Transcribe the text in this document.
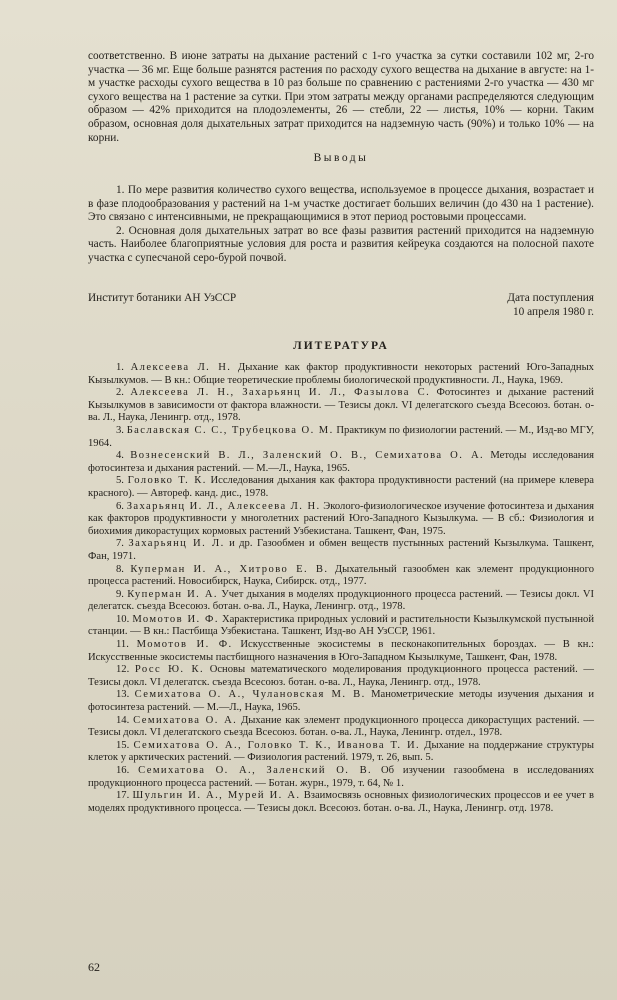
соответственно. В июне затраты на дыхание растений с 1-го участка за сутки составили 102 мг, 2-го участка — 36 мг. Еще больше разнятся растения по расходу сухого вещества на дыхание в августе: на 1-м участке расходы сухого вещества в 10 раз больше по сравнению с растениями 2-го участка — 430 мг сухого вещества на 1 растение за сутки. При этом затраты между органами распределяются следующим образом — 42% приходится на плодоэлементы, 26 — стебли, 22 — листья, 10% — корни. Таким образом, основная доля дыхательных затрат приходится на надземную часть (90%) и только 10% — на корни.

Выводы

1. По мере развития количество сухого вещества, используемое в процессе дыхания, возрастает и в фазе плодообразования у растений на 1-м участке достигает больших величин (до 430 на 1 растение). Это связано с интенсивными, не прекращающимися в этот период ростовыми процессами.

2. Основная доля дыхательных затрат во все фазы развития растений приходится на надземную часть. Наиболее благоприятные условия для роста и развития кейреука создаются на полосной пахоте участка с супесчаной серо-бурой почвой.

Институт ботаники АН УзССР	Дата поступления
10 апреля 1980 г.

ЛИТЕРАТУРА

1. Алексеева Л. Н. Дыхание как фактор продуктивности некоторых растений Юго-Западных Кызылкумов. — В кн.: Общие теоретические проблемы биологической продуктивности. Л., Наука, 1969.

2. Алексеева Л. Н., Захарьянц И. Л., Фазылова С. Фотосинтез и дыхание растений Кызылкумов в зависимости от фактора влажности. — Тезисы докл. VI делегатского съезда Всесоюз. ботан. о-ва. Л., Наука, Ленингр. отд., 1978.

3. Баславская С. С., Трубецкова О. М. Практикум по физиологии растений. — М., Изд-во МГУ, 1964.

4. Вознесенский В. Л., Заленский О. В., Семихатова О. А. Методы исследования фотосинтеза и дыхания растений. — М.—Л., Наука, 1965.

5. Головко Т. К. Исследования дыхания как фактора продуктивности растений (на примере клевера красного). — Автореф. канд. дис., 1978.

6. Захарьянц И. Л., Алексеева Л. Н. Эколого-физиологическое изучение фотосинтеза и дыхания как факторов продуктивности у многолетних растений Юго-Западного Кызылкума. — В сб.: Физиология и биохимия дикорастущих кормовых растений Узбекистана. Ташкент, Фан, 1975.

7. Захарьянц И. Л. и др. Газообмен и обмен веществ пустынных растений Кызылкума. Ташкент, Фан, 1971.

8. Куперман И. А., Хитрово Е. В. Дыхательный газообмен как элемент продукционного процесса растений. Новосибирск, Наука, Сибирск. отд., 1977.

9. Куперман И. А. Учет дыхания в моделях продукционного процесса растений. — Тезисы докл. VI делегатск. съезда Всесоюз. ботан. о-ва. Л., Наука, Ленингр. отд., 1978.

10. Момотов И. Ф. Характеристика природных условий и растительности Кызылкумской пустынной станции. — В кн.: Пастбища Узбекистана. Ташкент, Изд-во АН УзССР, 1961.

11. Момотов И. Ф. Искусственные экосистемы в песконакопительных бороздах. — В кн.: Искусственные экосистемы пастбищного назначения в Юго-Западном Кызылкуме, Ташкент, Фан, 1978.

12. Росс Ю. К. Основы математического моделирования продукционного процесса растений. — Тезисы докл. VI делегатск. съезда Всесоюз. ботан. о-ва. Л., Наука, Ленингр. отд., 1978.

13. Семихатова О. А., Чулановская М. В. Манометрические методы изучения дыхания и фотосинтеза растений. — М.—Л., Наука, 1965.

14. Семихатова О. А. Дыхание как элемент продукционного процесса дикорастущих растений. — Тезисы докл. VI делегатского съезда Всесоюз. ботан. о-ва. Л., Наука, Ленингр. отдел., 1978.

15. Семихатова О. А., Головко Т. К., Иванова Т. И. Дыхание на поддержание структуры клеток у арктических растений. — Физиология растений. 1979, т. 26, вып. 5.

16. Семихатова О. А., Заленский О. В. Об изучении газообмена в исследованиях продукционного процесса растений. — Ботан. журн., 1979, т. 64, № 1.

17. Шульгин И. А., Мурей И. А. Взаимосвязь основных физиологических процессов и ее учет в моделях продуктивного процесса. — Тезисы докл. Всесоюз. ботан. о-ва. Л., Наука, Ленингр. отд. 1978.

62
